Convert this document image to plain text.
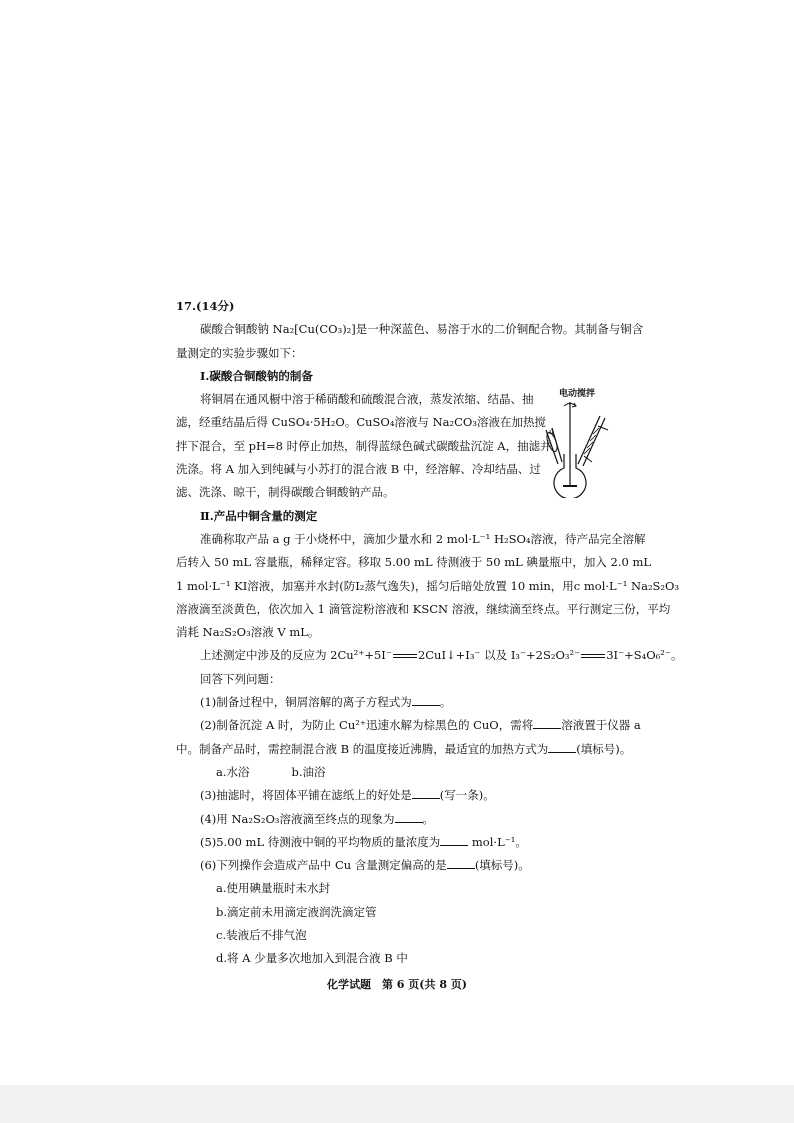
17.(14分)
碳酸合铜酸钠 Na₂[Cu(CO₃)₂]是一种深蓝色、易溶于水的二价铜配合物。其制备与铜含
量测定的实验步骤如下：
Ⅰ.碳酸合铜酸钠的制备
将铜屑在通风橱中溶于稀硝酸和硫酸混合液，蒸发浓缩、结晶、抽
滤，经重结晶后得 CuSO₄·5H₂O。CuSO₄溶液与 Na₂CO₃溶液在加热搅
拌下混合，至 pH=8 时停止加热，制得蓝绿色碱式碳酸盐沉淀 A，抽滤并
洗涤。将 A 加入到纯碱与小苏打的混合液 B 中，经溶解、冷却结晶、过
滤、洗涤、晾干，制得碳酸合铜酸钠产品。
Ⅱ.产品中铜含量的测定
准确称取产品 a g 于小烧杯中，滴加少量水和 2 mol·L⁻¹ H₂SO₄溶液，待产品完全溶解
后转入 50 mL 容量瓶，稀释定容。移取 5.00 mL 待测液于 50 mL 碘量瓶中，加入 2.0 mL
1 mol·L⁻¹ KI溶液，加塞并水封(防I₂蒸气逸失)，摇匀后暗处放置 10 min，用c mol·L⁻¹ Na₂S₂O₃
溶液滴至淡黄色，依次加入 1 滴管淀粉溶液和 KSCN 溶液，继续滴至终点。平行测定三份，平均
消耗 Na₂S₂O₃溶液 V mL。
上述测定中涉及的反应为 2Cu²⁺+5I⁻ 2CuI↓+I₃⁻ 以及 I₃⁻+2S₂O₃²⁻ 3I⁻+S₄O₆²⁻。
回答下列问题：
(1)制备过程中，铜屑溶解的离子方程式为 。
(2)制备沉淀 A 时，为防止 Cu²⁺迅速水解为棕黑色的 CuO，需将 溶液置于仪器 a
中。制备产品时，需控制混合液 B 的温度接近沸腾，最适宜的加热方式为 (填标号)。
a.水浴	b.油浴
(3)抽滤时，将固体平铺在滤纸上的好处是 (写一条)。
(4)用 Na₂S₂O₃溶液滴至终点的现象为 。
(5)5.00 mL 待测液中铜的平均物质的量浓度为	mol·L⁻¹。
(6)下列操作会造成产品中 Cu 含量测定偏高的是 (填标号)。
a.使用碘量瓶时未水封
b.滴定前未用滴定液润洗滴定管
c.装液后不排气泡
d.将 A 少量多次地加入到混合液 B 中
电动搅拌
a
化学试题　第 6 页(共 8 页)
